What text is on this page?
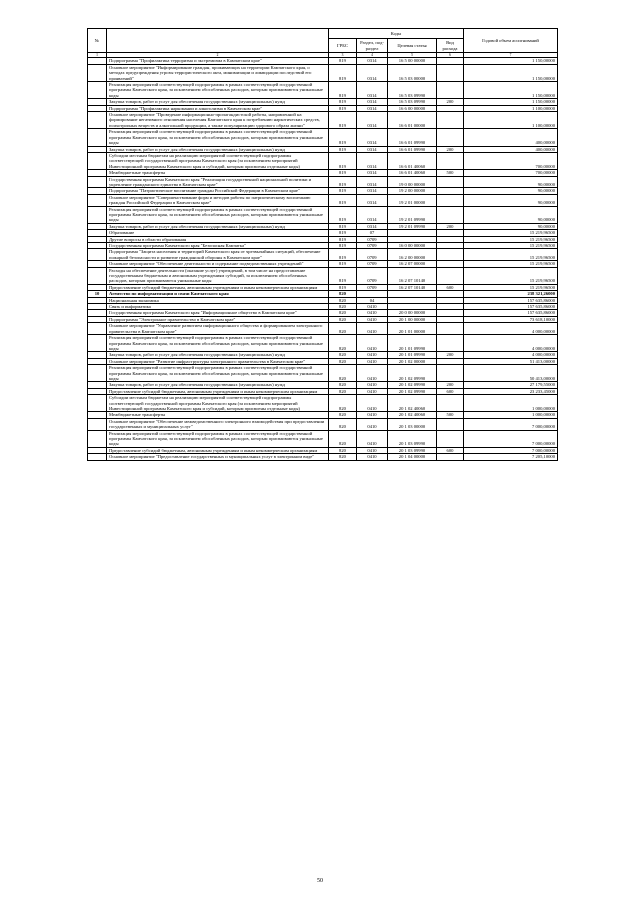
№		Коды				Годовой объем ассигнований
		ГРБС	Раздел, под-раздел	Целевая статья	Вид расхода	
1	2	3	4	5	6	7
	Подпрограмма "Профилактика терроризма и экстремизма в Камчатском крае"	819	0314	16 5 00 00000		1 150,00000
	Основное мероприятие "Информирование граждан, проживающих на территории Камчатского края, о методах предупреждения угрозы террористического акта, минимизации и ликвидации последствий его проявлений"	819	0314	16 5 03 00000		1 150,00000
	Реализация мероприятий соответствующей подпрограммы в рамках соответствующей государственной программы Камчатского края, за исключением обособленных расходов, которым присваиваются уникальные коды	819	0314	16 5 03 09990		1 150,00000
	Закупка товаров, работ и услуг для обеспечения государственных (муниципальных) нужд	819	0314	16 5 03 09990	200	1 150,00000
	Подпрограмма "Профилактика наркомании и алкоголизма в Камчатском крае"	819	0314	16 6 00 00000		1 100,00000
	Основное мероприятие "Проведение информационно-пропагандистской работы, направленной на формирование негативного отношения населения Камчатского края к потреблению наркотических средств, психотропных веществ и алкогольной продукции, а также популяризацию здорового образа жизни"	819	0314	16 6 01 00000		1 100,00000
	Реализация мероприятий соответствующей подпрограммы в рамках соответствующей государственной программы Камчатского края, за исключением обособленных расходов, которым присваиваются уникальные коды	819	0314	16 6 01 09990		400,00000
	Закупка товаров, работ и услуг для обеспечения государственных (муниципальных) нужд	819	0314	16 6 01 09990	200	400,00000
	Субсидии местным бюджетам на реализацию мероприятий соответствующей подпрограммы соответствующей государственной программы Камчатского края (за исключением мероприятий Инвестиционной программы Камчатского края и субсидий, которым присвоены отдельные коды)	819	0314	16 6 01 40060		700,00000
	Межбюджетные трансферты	819	0314	16 6 01 40060	500	700,00000
	Государственная программа Камчатского края "Реализация государственной национальной политики и укрепление гражданского единства в Камчатском крае"	819	0314	19 0 00 00000		90,00000
	Подпрограмма "Патриотическое воспитание граждан Российской Федерации в Камчатском крае"	819	0314	19 2 00 00000		90,00000
	Основное мероприятие "Совершенствование форм и методов работы по патриотическому воспитанию граждан Российской Федерации в Камчатском крае"	819	0314	19 2 01 00000		90,00000
	Реализация мероприятий соответствующей подпрограммы в рамках соответствующей государственной программы Камчатского края, за исключением обособленных расходов, которым присваиваются уникальные коды	819	0314	19 2 01 09990		90,00000
	Закупка товаров, работ и услуг для обеспечения государственных (муниципальных) нужд	819	0314	19 2 01 09990	200	90,00000
	Образование	819	07			15 219,96500
	Другие вопросы в области образования	819	0709			15 219,96500
	Государственная программа Камчатского края "Безопасная Камчатка"	819	0709	16 0 00 00000		15 219,96500
	Подпрограмма "Защита населения и территорий Камчатского края от чрезвычайных ситуаций, обеспечение пожарной безопасности и развитие гражданской обороны в Камчатском крае"	819	0709	16 2 00 00000		15 219,96500
	Основное мероприятие "Обеспечение деятельности и содержание подведомственных учреждений"	819	0709	16 2 07 00000		15 219,96500
	Расходы на обеспечение деятельности (оказание услуг) учреждений, в том числе на предоставление государственным бюджетным и автономным учреждениям субсидий, за исключением обособленных расходов, которым присваиваются уникальные коды	819	0709	16 2 07 10140		15 219,96500
	Предоставление субсидий бюджетным, автономным учреждениям и иным некоммерческим организациям	819	0709	16 2 07 10140	600	15 219,96500
10	Агентство по информатизации и связи Камчатского края	820				238 321,26000
	Национальная экономика	820	04			157 635,86000
	Связь и информатика	820	0410			157 635,86000
	Государственная программа Камчатского края "Информационное общество в Камчатском крае"	820	0410	20 0 00 00000		157 635,86000
	Подпрограмма "Электронное правительство в Камчатском крае"	820	0410	20 1 00 00000		73 618,10000
	Основное мероприятие "Управление развитием информационного общества и формированием электронного правительства в Камчатском крае"	820	0410	20 1 01 00000		4 000,00000
	Реализация мероприятий соответствующей подпрограммы в рамках соответствующей государственной программы Камчатского края, за исключением обособленных расходов, которым присваиваются уникальные коды	820	0410	20 1 01 09990		4 000,00000
	Закупка товаров, работ и услуг для обеспечения государственных (муниципальных) нужд	820	0410	20 1 01 09990	200	4 000,00000
	Основное мероприятие "Развитие инфраструктуры электронного правительства в Камчатском крае"	820	0410	20 1 02 00000		51 413,00000
	Реализация мероприятий соответствующей подпрограммы в рамках соответствующей государственной программы Камчатского края, за исключением обособленных расходов, которым присваиваются уникальные коды	820	0410	20 1 02 09990		50 413,00000
	Закупка товаров, работ и услуг для обеспечения государственных (муниципальных) нужд	820	0410	20 1 02 09990	200	27 179,55000
	Предоставление субсидий бюджетным, автономным учреждениям и иным некоммерческим организациям	820	0410	20 1 02 09990	600	23 233,45000
	Субсидии местным бюджетам на реализацию мероприятий соответствующей подпрограммы соответствующей государственной программы Камчатского края (за исключением мероприятий Инвестиционной программы Камчатского края и субсидий, которым присвоены отдельные коды)	820	0410	20 1 02 40060		1 000,00000
	Межбюджетные трансферты	820	0410	20 1 02 40060	500	1 000,00000
	Основное мероприятие "Обеспечение межведомственного электронного взаимодействия при предоставлении государственных и муниципальных услуг"	820	0410	20 1 03 00000		7 000,00000
	Реализация мероприятий соответствующей подпрограммы в рамках соответствующей государственной программы Камчатского края, за исключением обособленных расходов, которым присваиваются уникальные коды	820	0410	20 1 03 09990		7 000,00000
	Предоставление субсидий бюджетным, автономным учреждениям и иным некоммерческим организациям	820	0410	20 1 03 09990	600	7 000,00000
	Основное мероприятие "Предоставление государственных и муниципальных услуг в электронном виде"	820	0410	20 1 04 00000		7 205,10000
50
